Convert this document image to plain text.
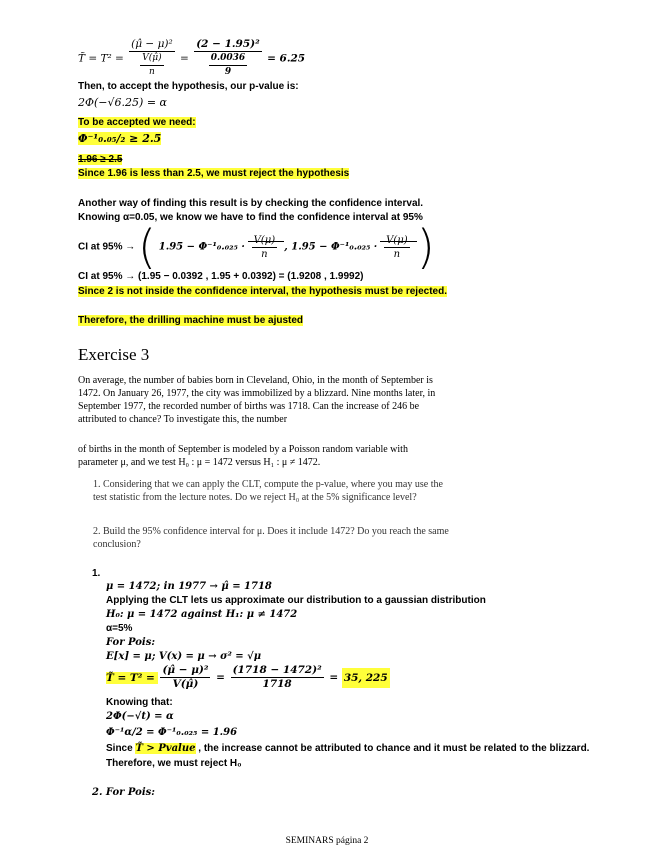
T̃ = $T^2 = \frac{\text{(μ̂ − μ)²}}{\frac{V(\mû)}{n}} = \frac{\text{(2 − 1.95)²}}{\frac{0.0036}{9}} = 6.25$
Then, to accept the hypothesis, our p-value is:
2Φ(−√6.25) = α
To be accepted we need:
Φ⁻¹₀.₀₅/₂ ≥ 2.5
1.96 ≥ 2.5
Since 1.96 is less than 2.5, we must reject the hypothesis
Another way of finding this result is by checking the confidence interval.
Knowing α=0.05, we know we have to find the confidence interval at 95%
CI at 95% → ( $1.95 - \Phi^{-1}_0._{025} \cdot \frac{V(\mu)}{n}$ , $1.95 - \Phi^{-1}_0._{025} \cdot \frac{V(\mu)}{n}$ )
CI at 95% → (1.95 − 0.0392 , 1.95 + 0.0392) = (1.9208 , 1.9992)
Since 2 is not inside the confidence interval, the hypothesis must be rejected.
Therefore, the drilling machine must be ajusted
Exercise 3
On average, the number of babies born in Cleveland, Ohio, in the month of September is 1472. On January 26, 1977, the city was immobilized by a blizzard. Nine months later, in September 1977, the recorded number of births was 1718. Can the increase of 246 be attributed to chance? To investigate this, the number
of births in the month of September is modeled by a Poisson random variable with parameter μ, and we test H₀ : μ = 1472 versus H₁ : μ ≠ 1472.
1. Considering that we can apply the CLT, compute the p-value, where you may use the test statistic from the lecture notes. Do we reject H₀ at the 5% significance level?
2. Build the 95% confidence interval for μ. Does it include 1472? Do you reach the same conclusion?
1.
μ = 1472; in 1977 → μ̂ = 1718
Applying the CLT lets us approximate our distribution to a gaussian distribution
H₀: μ = 1472 against H₁: μ ≠ 1472
α=5%
For Pois:
E[x] = μ; V(x) = μ → σ² = √μ
T̃ = $T^2 = \frac{\text{(μ̂ − μ)²}}{V(\mû)} = \frac{\text{(1718 − 1472)²}}{1718} = 35$, 225
Knowing that:
2Φ(−√t) = α
Φ⁻¹α/2 = Φ⁻¹₀.₀₂₅ = 1.96
Since T̃ > Pvalue , the increase cannot be attributed to chance and it must be related to the blizzard.
Therefore, we must reject H₀
2. For Pois:
SEMINARS página 2
